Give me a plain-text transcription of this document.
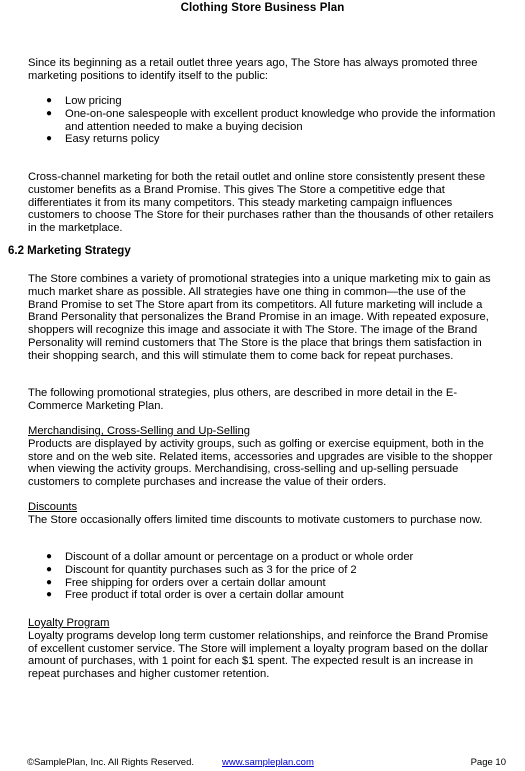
Clothing Store Business Plan

Since its beginning as a retail outlet three years ago, The Store has always promoted three marketing positions to identify itself to the public:

● Low pricing
● One-on-one salespeople with excellent product knowledge who provide the information and attention needed to make a buying decision
● Easy returns policy

Cross-channel marketing for both the retail outlet and online store consistently present these customer benefits as a Brand Promise. This gives The Store a competitive edge that differentiates it from its many competitors. This steady marketing campaign influences customers to choose The Store for their purchases rather than the thousands of other retailers in the marketplace.

6.2 Marketing Strategy

The Store combines a variety of promotional strategies into a unique marketing mix to gain as much market share as possible. All strategies have one thing in common—the use of the Brand Promise to set The Store apart from its competitors. All future marketing will include a Brand Personality that personalizes the Brand Promise in an image. With repeated exposure, shoppers will recognize this image and associate it with The Store. The image of the Brand Personality will remind customers that The Store is the place that brings them satisfaction in their shopping search, and this will stimulate them to come back for repeat purchases.

The following promotional strategies, plus others, are described in more detail in the E-Commerce Marketing Plan.

Merchandising, Cross-Selling and Up-Selling

Products are displayed by activity groups, such as golfing or exercise equipment, both in the store and on the web site. Related items, accessories and upgrades are visible to the shopper when viewing the activity groups. Merchandising, cross-selling and up-selling persuade customers to complete purchases and increase the value of their orders.

Discounts

The Store occasionally offers limited time discounts to motivate customers to purchase now.

● Discount of a dollar amount or percentage on a product or whole order
● Discount for quantity purchases such as 3 for the price of 2
● Free shipping for orders over a certain dollar amount
● Free product if total order is over a certain dollar amount

Loyalty Program

Loyalty programs develop long term customer relationships, and reinforce the Brand Promise of excellent customer service. The Store will implement a loyalty program based on the dollar amount of purchases, with 1 point for each $1 spent. The expected result is an increase in repeat purchases and higher customer retention.

©SamplePlan, Inc. All Rights Reserved.	www.sampleplan.com	Page 10
